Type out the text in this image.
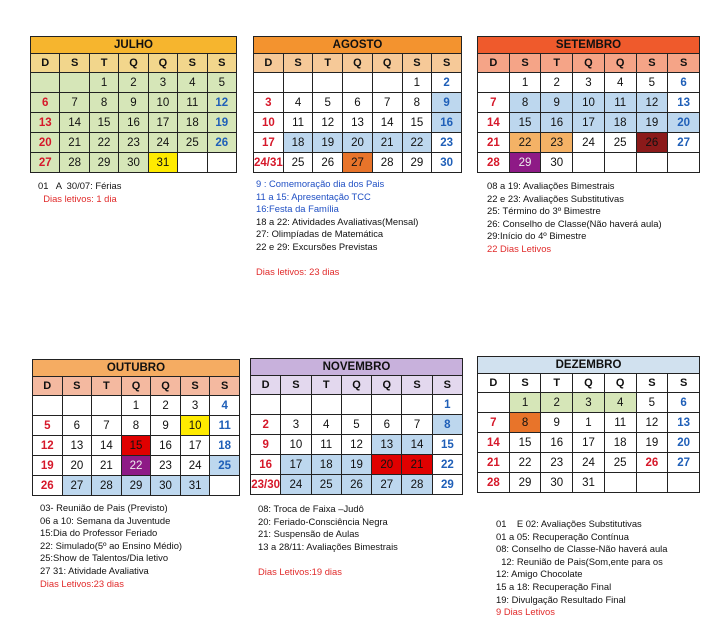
JULHO						
D	S	T	Q	Q	S	S
		1	2	3	4	5
6	7	8	9	10	11	12
13	14	15	16	17	18	19
20	21	22	23	24	25	26
27	28	29	30	31		
AGOSTO						
D	S	T	Q	Q	S	S
					1	2
3	4	5	6	7	8	9
10	11	12	13	14	15	16
17	18	19	20	21	22	23
24/31	25	26	27	28	29	30
SETEMBRO						
D	S	T	Q	Q	S	S
	1	2	3	4	5	6
7	8	9	10	11	12	13
14	15	16	17	18	19	20
21	22	23	24	25	26	27
28	29	30				
OUTUBRO						
D	S	T	Q	Q	S	S
			1	2	3	4
5	6	7	8	9	10	11
12	13	14	15	16	17	18
19	20	21	22	23	24	25
26	27	28	29	30	31	
NOVEMBRO						
D	S	T	Q	Q	S	S
						1
2	3	4	5	6	7	8
9	10	11	12	13	14	15
16	17	18	19	20	21	22
23/30	24	25	26	27	28	29
DEZEMBRO						
D	S	T	Q	Q	S	S
	1	2	3	4	5	6
7	8	9	1	11	12	13
14	15	16	17	18	19	20
21	22	23	24	25	26	27
28	29	30	31			
01   A  30/07: Férias
Dias letivos: 1 dia
9 : Comemoração dia dos Pais
11 a 15: Apresentação TCC
16:Festa da Família
18 a 22: Atividades Avaliativas(Mensal)
27: Olimpíadas de Matemática
22 e 29: Excursões Previstas

Dias letivos: 23 dias
08 a 19: Avaliações Bimestrais
22 e 23: Avaliações Substitutivas
25: Término do 3º Bimestre
26: Conselho de Classe(Não haverá aula)
29:Início do 4º Bimestre
22 Dias Letivos
03- Reunião de Pais (Previsto)
06 a 10: Semana da Juventude
15:Dia do Professor Feriado
22: Simulado(5º ao Ensino Médio)
25:Show de Talentos/Dia letivo
27 31: Atividade Avaliativa
Dias Letivos:23 dias
08: Troca de Faixa –Judô
20: Feriado-Consciência Negra
21: Suspensão de Aulas
13 a 28/11: Avaliações Bimestrais

Dias Letivos:19 dias
01    E 02: Avaliações Substitutivas
01 a 05: Recuperação Contínua
08: Conselho de Classe-Não haverá aula
12: Reunião de Pais(Som,ente para os
12: Amigo Chocolate
15 a 18: Recuperação Final
19: Divulgação Resultado Final
9 Dias Letivos
